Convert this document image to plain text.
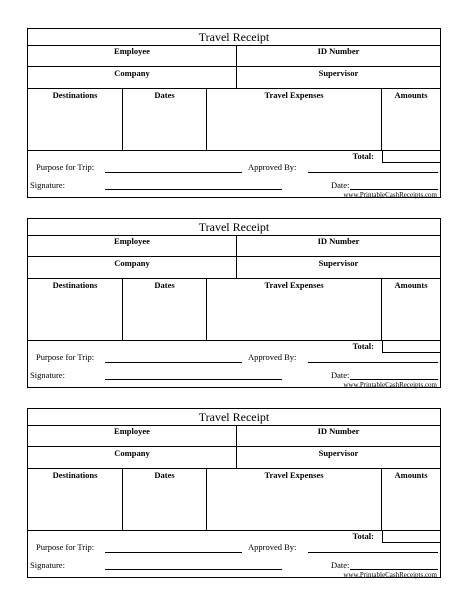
Travel Receipt
Employee	ID Number
Company	Supervisor
Destinations	Dates	Travel Expenses	Amounts
Total:
Purpose for Trip:	Approved By:
Signature:	Date:
www.PrintableCashReceipts.com
Travel Receipt
Employee	ID Number
Company	Supervisor
Destinations	Dates	Travel Expenses	Amounts
Total:
Purpose for Trip:	Approved By:
Signature:	Date:
www.PrintableCashReceipts.com
Travel Receipt
Employee	ID Number
Company	Supervisor
Destinations	Dates	Travel Expenses	Amounts
Total:
Purpose for Trip:	Approved By:
Signature:	Date:
www.PrintableCashReceipts.com
